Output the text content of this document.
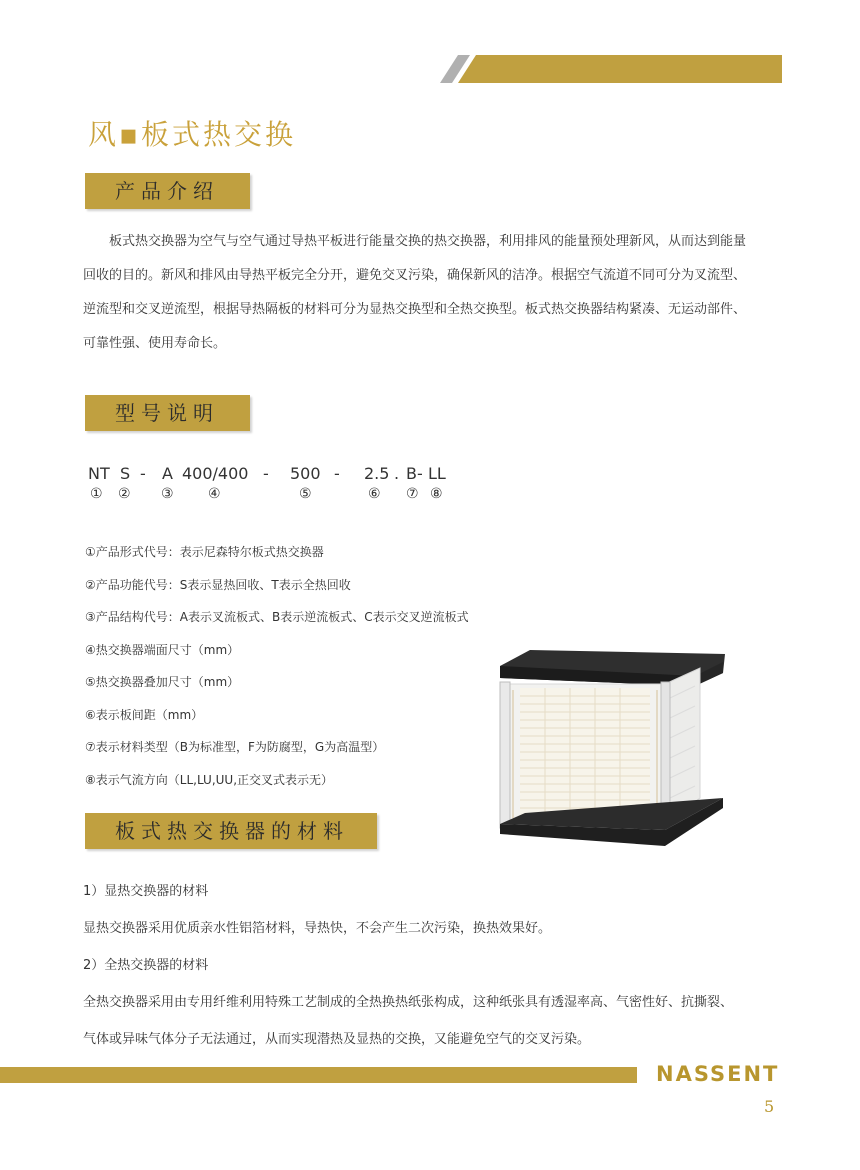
风▪板式热交换
产品介绍

板式热交换器为空气与空气通过导热平板进行能量交换的热交换器，利用排风的能量预处理新风，从而达到能量

回收的目的。新风和排风由导热平板完全分开，避免交叉污染，确保新风的洁净。根据空气流道不同可分为叉流型、

逆流型和交叉逆流型，根据导热隔板的材料可分为显热交换型和全热交换型。板式热交换器结构紧凑、无运动部件、

可靠性强、使用寿命长。

型号说明
NT S - A 400/400 - 500 - 2.5 . B- LL
① ② ③ ④	⑤	⑥ ⑦ ⑧
①产品形式代号：表示尼森特尔板式热交换器
②产品功能代号：S表示显热回收、T表示全热回收
③产品结构代号：A表示叉流板式、B表示逆流板式、C表示交叉逆流板式
④热交换器端面尺寸（mm）
⑤热交换器叠加尺寸（mm）
⑥表示板间距（mm）
⑦表示材料类型（B为标准型，F为防腐型，G为高温型）
⑧表示气流方向（LL,LU,UU,正交叉式表示无）
板式热交换器的材料
1）显热交换器的材料
显热交换器采用优质亲水性铝箔材料，导热快，不会产生二次污染，换热效果好。
2）全热交换器的材料
全热交换器采用由专用纤维利用特殊工艺制成的全热换热纸张构成，这种纸张具有透湿率高、气密性好、抗撕裂、
气体或异味气体分子无法通过，从而实现潜热及显热的交换，又能避免空气的交叉污染。
NASSENT
5
